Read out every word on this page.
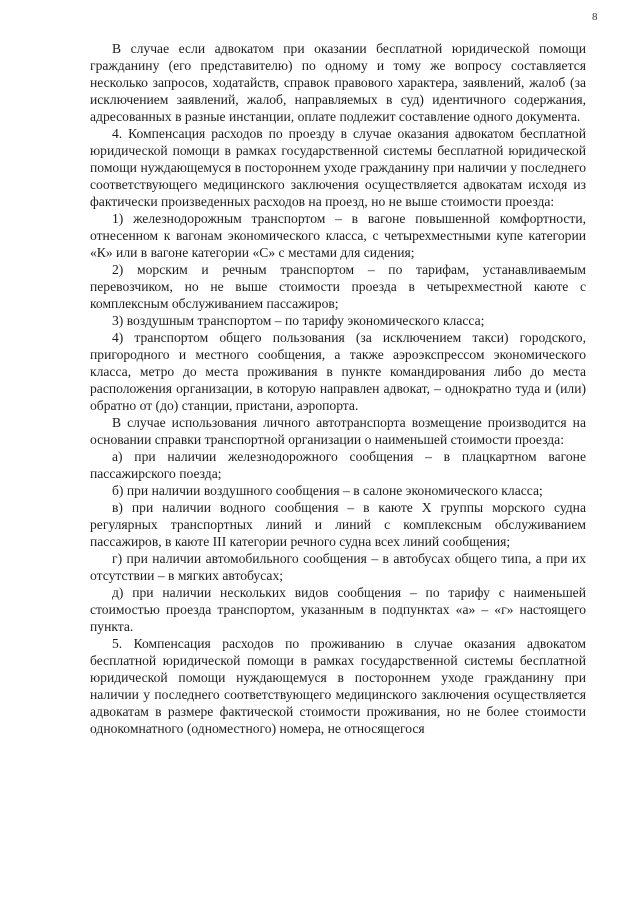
8

В случае если адвокатом при оказании бесплатной юридической помощи гражданину (его представителю) по одному и тому же вопросу составляется несколько запросов, ходатайств, справок правового характера, заявлений, жалоб (за исключением заявлений, жалоб, направляемых в суд) идентичного содержания, адресованных в разные инстанции, оплате подлежит составление одного документа.

4. Компенсация расходов по проезду в случае оказания адвокатом бесплатной юридической помощи в рамках государственной системы бесплатной юридической помощи нуждающемуся в постороннем уходе гражданину при наличии у последнего соответствующего медицинского заключения осуществляется адвокатам исходя из фактически произведенных расходов на проезд, но не выше стоимости проезда:

1) железнодорожным транспортом – в вагоне повышенной комфортности, отнесенном к вагонам экономического класса, с четырехместными купе категории «К» или в вагоне категории «С» с местами для сидения;

2) морским и речным транспортом – по тарифам, устанавливаемым перевозчиком, но не выше стоимости проезда в четырехместной каюте с комплексным обслуживанием пассажиров;

3) воздушным транспортом – по тарифу экономического класса;

4) транспортом общего пользования (за исключением такси) городского, пригородного и местного сообщения, а также аэроэкспрессом экономического класса, метро до места проживания в пункте командирования либо до места расположения организации, в которую направлен адвокат, – однократно туда и (или) обратно от (до) станции, пристани, аэропорта.

В случае использования личного автотранспорта возмещение производится на основании справки транспортной организации о наименьшей стоимости проезда:

а) при наличии железнодорожного сообщения – в плацкартном вагоне пассажирского поезда;

б) при наличии воздушного сообщения – в салоне экономического класса;

в) при наличии водного сообщения – в каюте X группы морского судна регулярных транспортных линий и линий с комплексным обслуживанием пассажиров, в каюте III категории речного судна всех линий сообщения;

г) при наличии автомобильного сообщения – в автобусах общего типа, а при их отсутствии – в мягких автобусах;

д) при наличии нескольких видов сообщения – по тарифу с наименьшей стоимостью проезда транспортом, указанным в подпунктах «а» – «г» настоящего пункта.

5. Компенсация расходов по проживанию в случае оказания адвокатом бесплатной юридической помощи в рамках государственной системы бесплатной юридической помощи нуждающемуся в постороннем уходе гражданину при наличии у последнего соответствующего медицинского заключения осуществляется адвокатам в размере фактической стоимости проживания, но не более стоимости однокомнатного (одноместного) номера, не относящегося
